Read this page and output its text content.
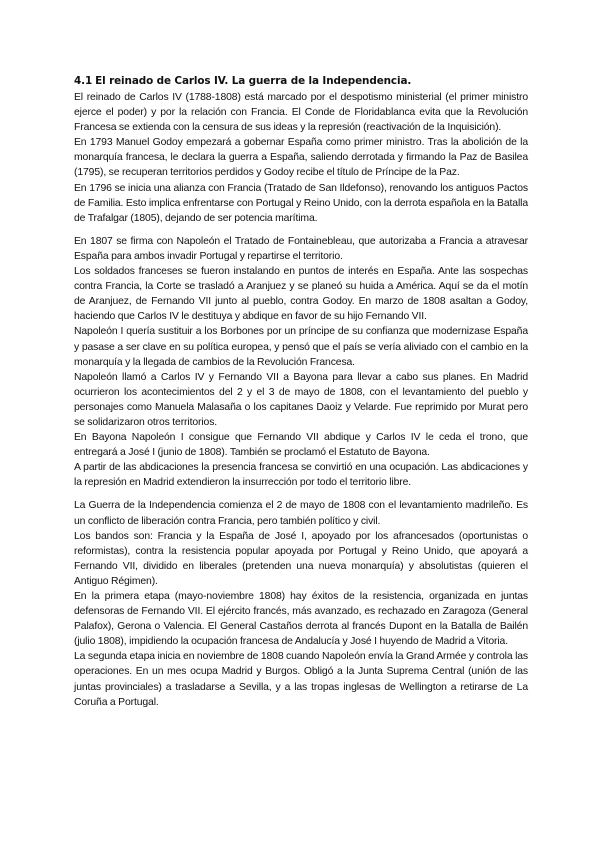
4.1 El reinado de Carlos IV. La guerra de la Independencia.

El reinado de Carlos IV (1788-1808) está marcado por el despotismo ministerial (el primer ministro ejerce el poder) y por la relación con Francia. El Conde de Floridablanca evita que la Revolución Francesa se extienda con la censura de sus ideas y la represión (reactivación de la Inquisición).

En 1793 Manuel Godoy empezará a gobernar España como primer ministro. Tras la abolición de la monarquía francesa, le declara la guerra a España, saliendo derrotada y firmando la Paz de Basilea (1795), se recuperan territorios perdidos y Godoy recibe el título de Príncipe de la Paz.

En 1796 se inicia una alianza con Francia (Tratado de San Ildefonso), renovando los antiguos Pactos de Familia. Esto implica enfrentarse con Portugal y Reino Unido, con la derrota española en la Batalla de Trafalgar (1805), dejando de ser potencia marítima.

En 1807 se firma con Napoleón el Tratado de Fontainebleau, que autorizaba a Francia a atravesar España para ambos invadir Portugal y repartirse el territorio.

Los soldados franceses se fueron instalando en puntos de interés en España. Ante las sospechas contra Francia, la Corte se trasladó a Aranjuez y se planeó su huida a América. Aquí se da el motín de Aranjuez, de Fernando VII junto al pueblo, contra Godoy. En marzo de 1808 asaltan a Godoy, haciendo que Carlos IV le destituya y abdique en favor de su hijo Fernando VII.

Napoleón I quería sustituir a los Borbones por un príncipe de su confianza que modernizase España y pasase a ser clave en su política europea, y pensó que el país se vería aliviado con el cambio en la monarquía y la llegada de cambios de la Revolución Francesa.

Napoleón llamó a Carlos IV y Fernando VII a Bayona para llevar a cabo sus planes. En Madrid ocurrieron los acontecimientos del 2 y el 3 de mayo de 1808, con el levantamiento del pueblo y personajes como Manuela Malasaña o los capitanes Daoiz y Velarde. Fue reprimido por Murat pero se solidarizaron otros territorios.

En Bayona Napoleón I consigue que Fernando VII abdique y Carlos IV le ceda el trono, que entregará a José I (junio de 1808). También se proclamó el Estatuto de Bayona.

A partir de las abdicaciones la presencia francesa se convirtió en una ocupación. Las abdicaciones y la represión en Madrid extendieron la insurrección por todo el territorio libre.

La Guerra de la Independencia comienza el 2 de mayo de 1808 con el levantamiento madrileño. Es un conflicto de liberación contra Francia, pero también político y civil.

Los bandos son: Francia y la España de José I, apoyado por los afrancesados (oportunistas o reformistas), contra la resistencia popular apoyada por Portugal y Reino Unido, que apoyará a Fernando VII, dividido en liberales (pretenden una nueva monarquía) y absolutistas (quieren el Antiguo Régimen).

En la primera etapa (mayo-noviembre 1808) hay éxitos de la resistencia, organizada en juntas defensoras de Fernando VII. El ejército francés, más avanzado, es rechazado en Zaragoza (General Palafox), Gerona o Valencia. El General Castaños derrota al francés Dupont en la Batalla de Bailén (julio 1808), impidiendo la ocupación francesa de Andalucía y José I huyendo de Madrid a Vitoria.

La segunda etapa inicia en noviembre de 1808 cuando Napoleón envía la Grand Armée y controla las operaciones. En un mes ocupa Madrid y Burgos. Obligó a la Junta Suprema Central (unión de las juntas provinciales) a trasladarse a Sevilla, y a las tropas inglesas de Wellington a retirarse de La Coruña a Portugal.
